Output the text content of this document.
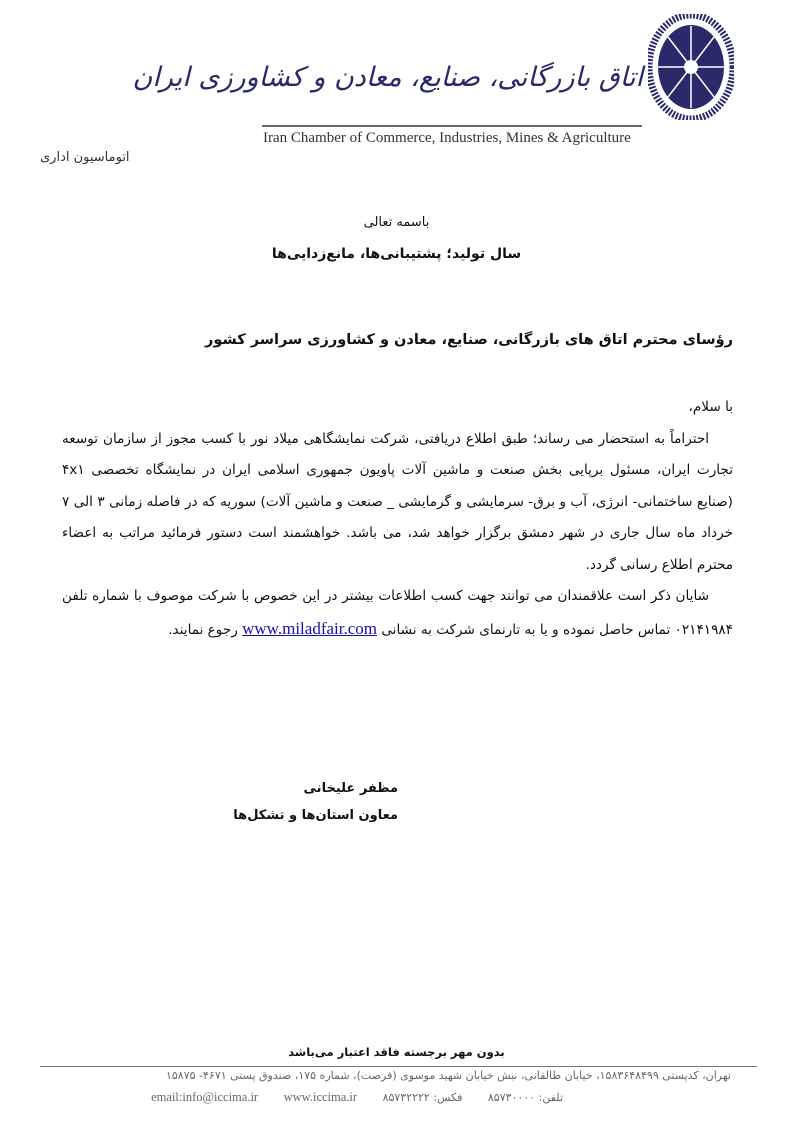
اتاق بازرگانی، صنایع، معادن و کشاورزی ایران
Iran Chamber of Commerce, Industries, Mines & Agriculture
اتوماسیون اداری
باسمه تعالی
سال تولید؛ پشتیبانی‌ها، مانع‌زدایی‌ها
رؤسای محترم اتاق های بازرگانی، صنایع، معادن و کشاورزی سراسر کشور

با سلام،

احتراماً به استحضار می رساند؛ طبق اطلاع دریافتی، شرکت نمایشگاهی میلاد نور با کسب مجوز از سازمان توسعه تجارت ایران، مسئول برپایی بخش صنعت و ماشین آلات پاویون جمهوری اسلامی ایران در نمایشگاه تخصصی ۴x۱ (صنایع ساختمانی- انرژی، آب و برق- سرمایشی و گرمایشی _ صنعت و ماشین آلات) سوریه که در فاصله زمانی ۳ الی ۷ خرداد ماه سال جاری در شهر دمشق برگزار خواهد شد، می باشد. خواهشمند است دستور فرمائید مراتب به اعضاء محترم اطلاع رسانی گردد.

شایان ذکر است علاقمندان می توانند جهت کسب اطلاعات بیشتر در این خصوص با شرکت موصوف با شماره تلفن ۰۲۱۴۱۹۸۴ تماس حاصل نموده و یا به تارنمای شرکت به نشانی www.miladfair.com رجوع نمایند.

مظفر علیخانی
معاون استان‌ها و تشکل‌ها
بدون مهر برجسته فاقد اعتبار می‌باشد
تهران، کدپستی ۱۵۸۳۶۴۸۴۹۹، خیابان طالقانی، نبش خیابان شهید موسوی (فرصت)، شماره ۱۷۵، صندوق پستی ۴۶۷۱- ۱۵۸۷۵
تلفن: ۸۵۷۳۰۰۰۰ فکس: ۸۵۷۳۲۲۲۲ email:info@iccima.ir www.iccima.ir
